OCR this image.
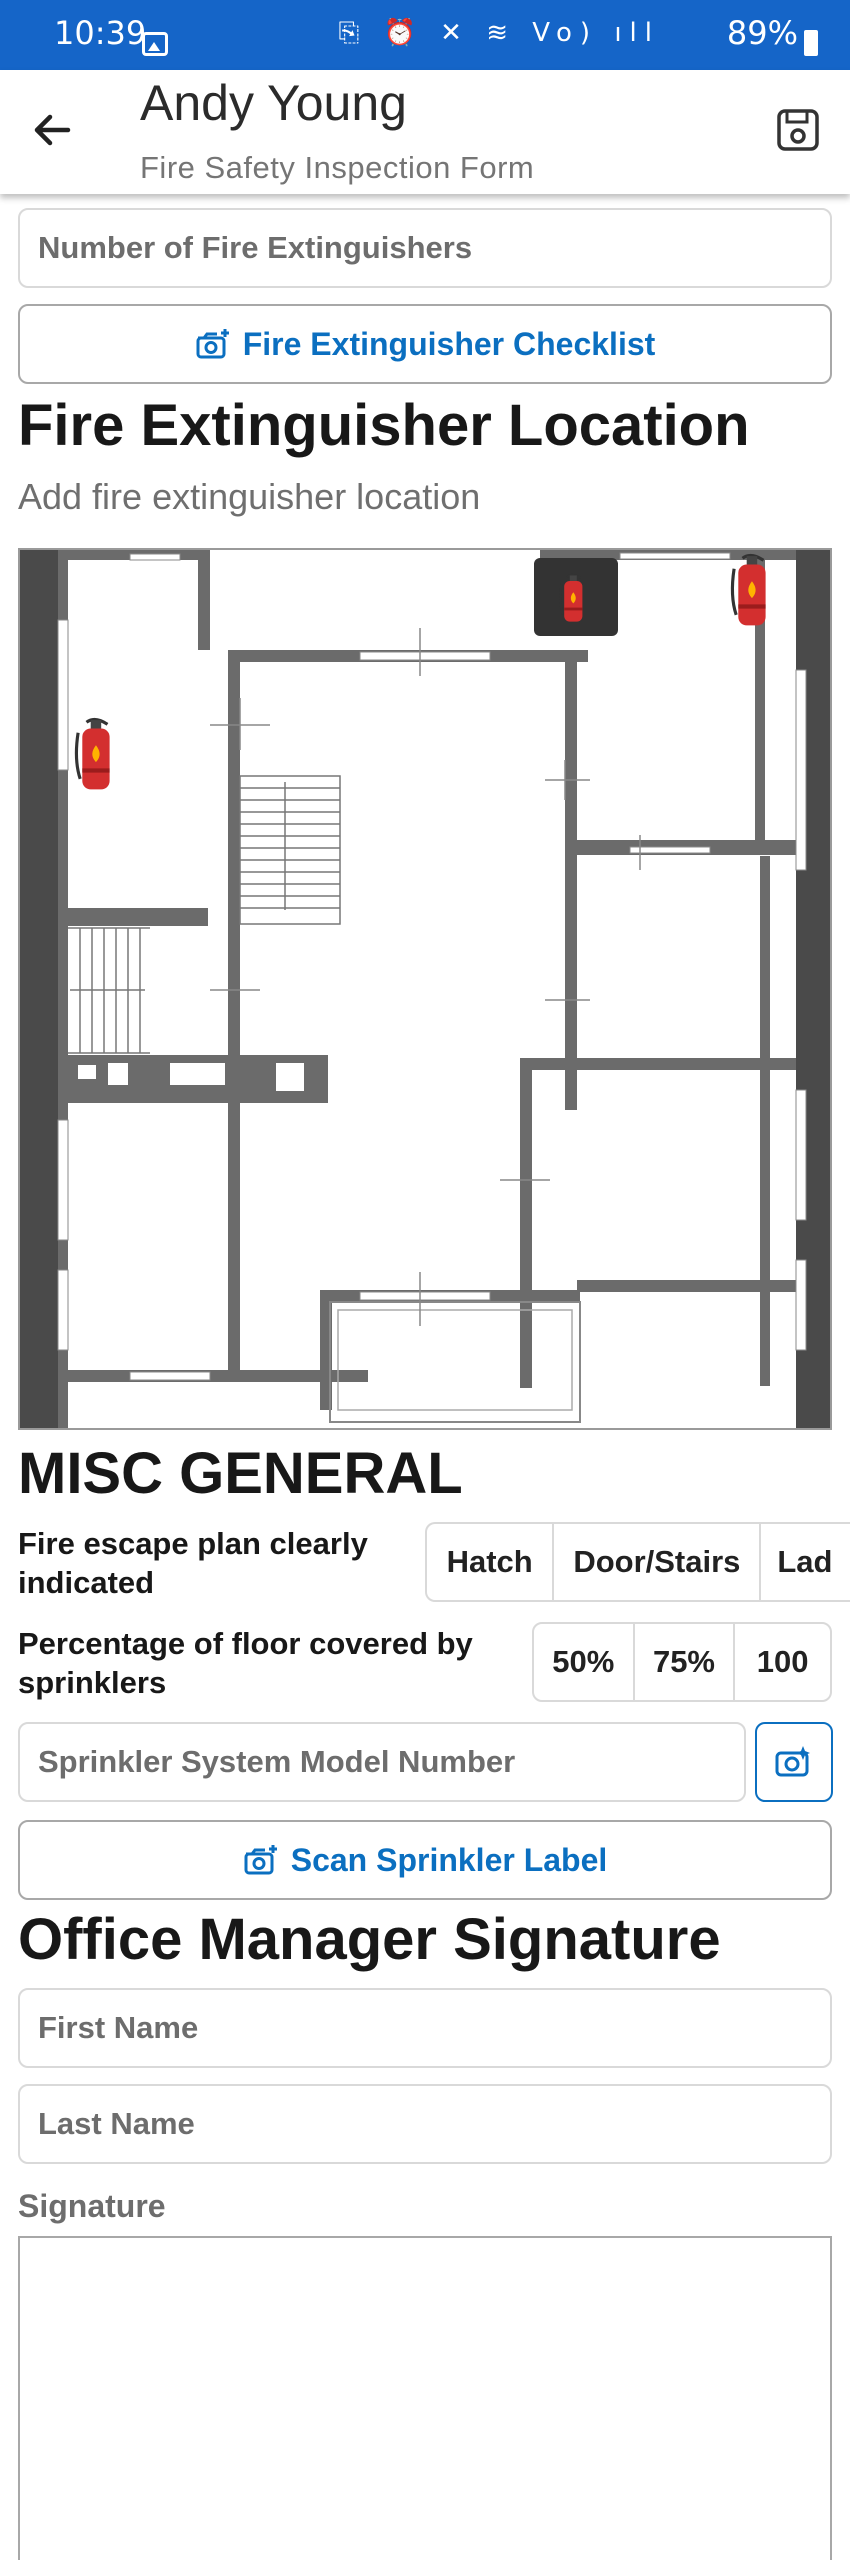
10:39	⎘ ⏰ ✕ ≋ Vo) ıll 89%
Andy Young
Fire Safety Inspection Form
Number of Fire Extinguishers
Fire Extinguisher Checklist
Fire Extinguisher Location
Add fire extinguisher location
MISC GENERAL
Fire escape plan clearly indicated
Hatch	Door/Stairs	Lad
Percentage of floor covered by sprinklers
50%	75%	100
Sprinkler System Model Number
Scan Sprinkler Label
Office Manager Signature
First Name
Last Name
Signature
